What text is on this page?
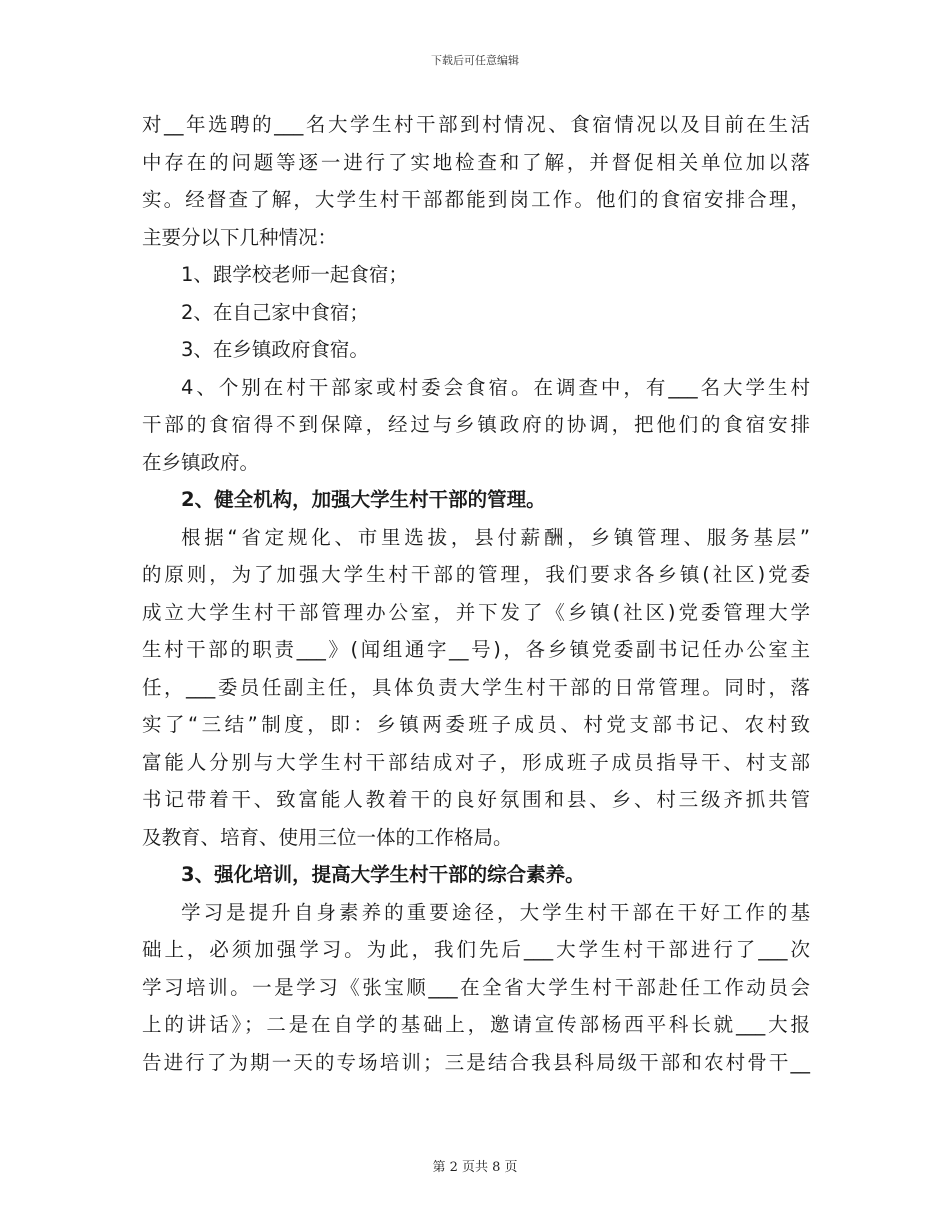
下载后可任意编辑

对__年选聘的___名大学生村干部到村情况、食宿情况以及目前在生活
中存在的问题等逐一进行了实地检查和了解，并督促相关单位加以落
实。经督查了解，大学生村干部都能到岗工作。他们的食宿安排合理，
主要分以下几种情况：

1、跟学校老师一起食宿；

2、在自己家中食宿；

3、在乡镇政府食宿。

4、个别在村干部家或村委会食宿。在调查中，有___名大学生村
干部的食宿得不到保障，经过与乡镇政府的协调，把他们的食宿安排
在乡镇政府。

2、健全机构，加强大学生村干部的管理。

根据“省定规化、市里选拔，县付薪酬，乡镇管理、服务基层”
的原则，为了加强大学生村干部的管理，我们要求各乡镇(社区)党委
成立大学生村干部管理办公室，并下发了《乡镇(社区)党委管理大学
生村干部的职责___》(闻组通字__号)，各乡镇党委副书记任办公室主
任，___委员任副主任，具体负责大学生村干部的日常管理。同时，落
实了“三结”制度，即：乡镇两委班子成员、村党支部书记、农村致
富能人分别与大学生村干部结成对子，形成班子成员指导干、村支部
书记带着干、致富能人教着干的良好氛围和县、乡、村三级齐抓共管
及教育、培育、使用三位一体的工作格局。

3、强化培训，提高大学生村干部的综合素养。

学习是提升自身素养的重要途径，大学生村干部在干好工作的基
础上，必须加强学习。为此，我们先后___大学生村干部进行了___次
学习培训。一是学习《张宝顺___在全省大学生村干部赴任工作动员会
上的讲话》；二是在自学的基础上，邀请宣传部杨西平科长就___大报
告进行了为期一天的专场培训；三是结合我县科局级干部和农村骨干__

第 2 页共 8 页
